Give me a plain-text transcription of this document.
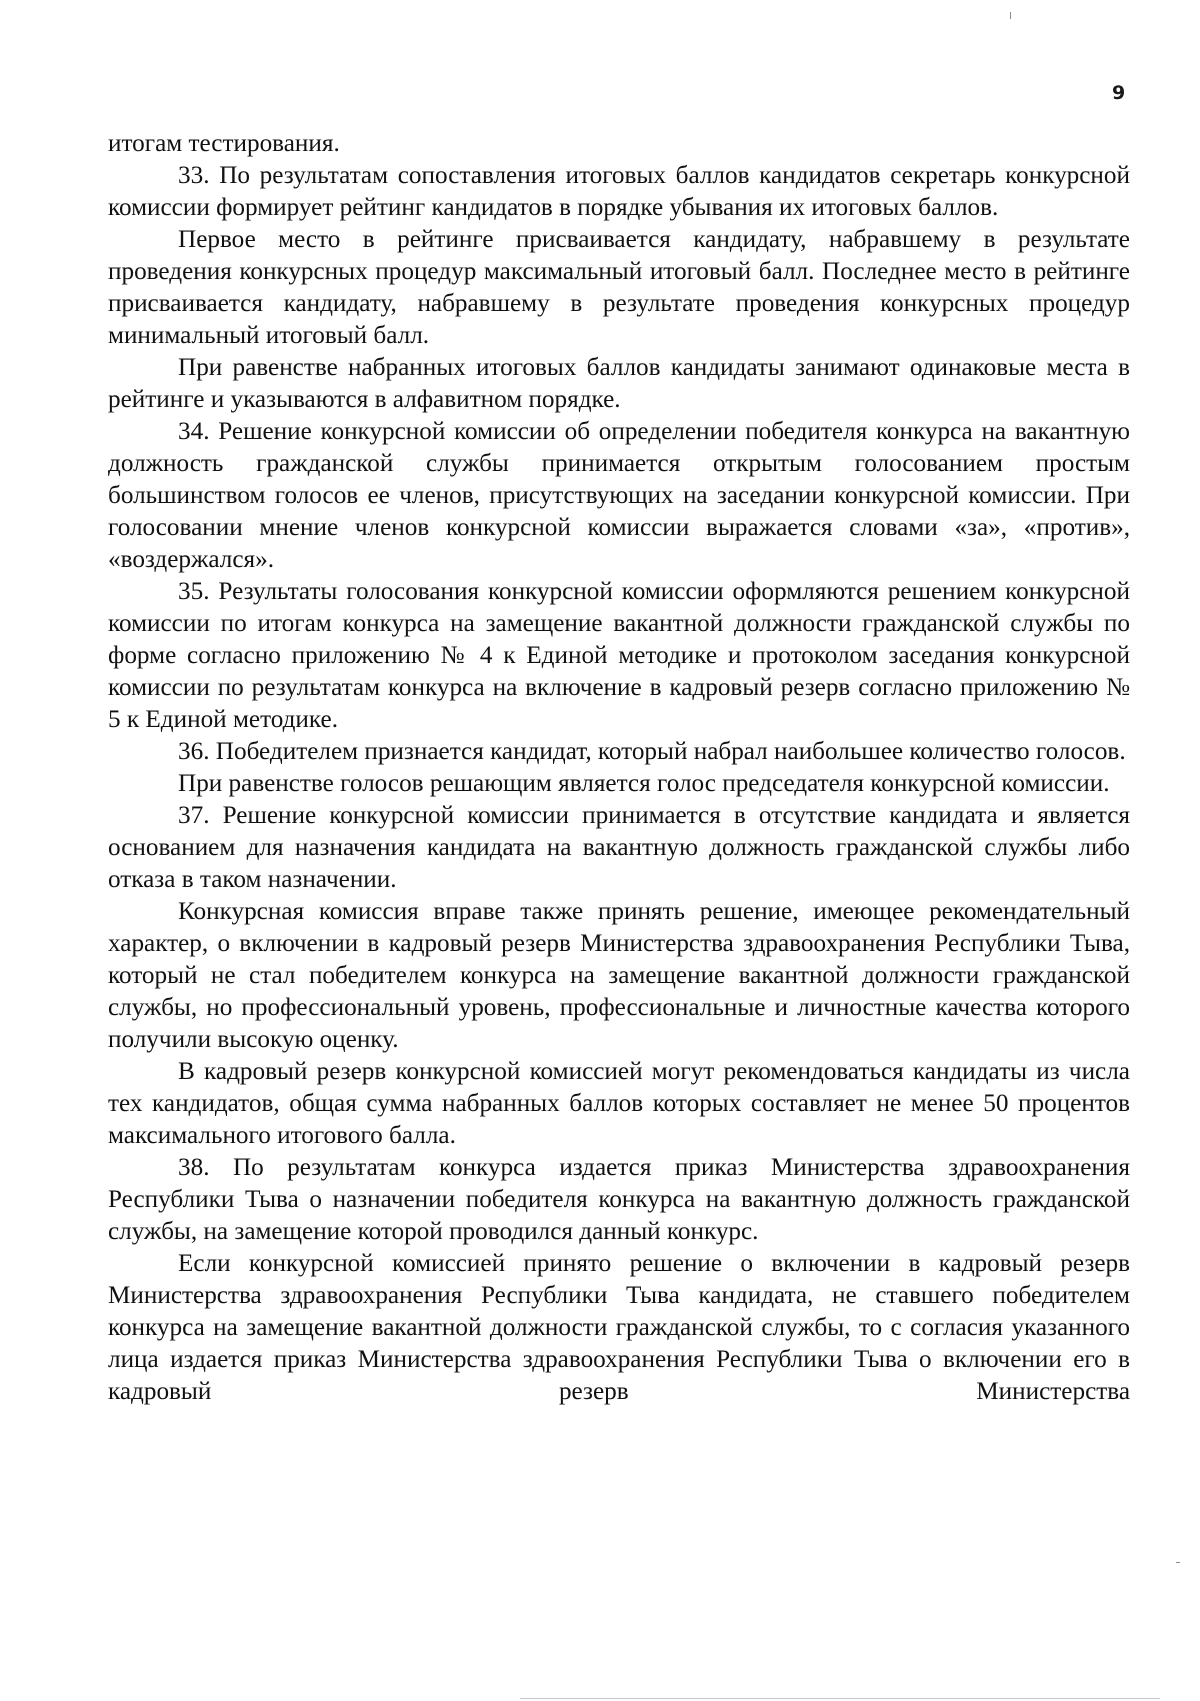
9

итогам тестирования.

33. По результатам сопоставления итоговых баллов кандидатов секретарь конкурсной комиссии формирует рейтинг кандидатов в порядке убывания их итоговых баллов.

Первое место в рейтинге присваивается кандидату, набравшему в результате проведения конкурсных процедур максимальный итоговый балл. Последнее место в рейтинге присваивается кандидату, набравшему в результате проведения конкурсных процедур минимальный итоговый балл.

При равенстве набранных итоговых баллов кандидаты занимают одинаковые места в рейтинге и указываются в алфавитном порядке.

34. Решение конкурсной комиссии об определении победителя конкурса на вакантную должность гражданской службы принимается открытым голосованием простым большинством голосов ее членов, присутствующих на заседании конкурсной комиссии. При голосовании мнение членов конкурсной комиссии выражается словами «за», «против», «воздержался».

35. Результаты голосования конкурсной комиссии оформляются решением конкурсной комиссии по итогам конкурса на замещение вакантной должности гражданской службы по форме согласно приложению № 4 к Единой методике и протоколом заседания конкурсной комиссии по результатам конкурса на включение в кадровый резерв согласно приложению № 5 к Единой методике.

36. Победителем признается кандидат, который набрал наибольшее количество голосов.

При равенстве голосов решающим является голос председателя конкурсной комиссии.

37. Решение конкурсной комиссии принимается в отсутствие кандидата и является основанием для назначения кандидата на вакантную должность гражданской службы либо отказа в таком назначении.

Конкурсная комиссия вправе также принять решение, имеющее рекомендательный характер, о включении в кадровый резерв Министерства здравоохранения Республики Тыва, который не стал победителем конкурса на замещение вакантной должности гражданской службы, но профессиональный уровень, профессиональные и личностные качества которого получили высокую оценку.

В кадровый резерв конкурсной комиссией могут рекомендоваться кандидаты из числа тех кандидатов, общая сумма набранных баллов которых составляет не менее 50 процентов максимального итогового балла.

38. По результатам конкурса издается приказ Министерства здравоохранения Республики Тыва о назначении победителя конкурса на вакантную должность гражданской службы, на замещение которой проводился данный конкурс.

Если конкурсной комиссией принято решение о включении в кадровый резерв Министерства здравоохранения Республики Тыва кандидата, не ставшего победителем конкурса на замещение вакантной должности гражданской службы, то с согласия указанного лица издается приказ Министерства здравоохранения Республики Тыва о включении его в кадровый резерв Министерства
